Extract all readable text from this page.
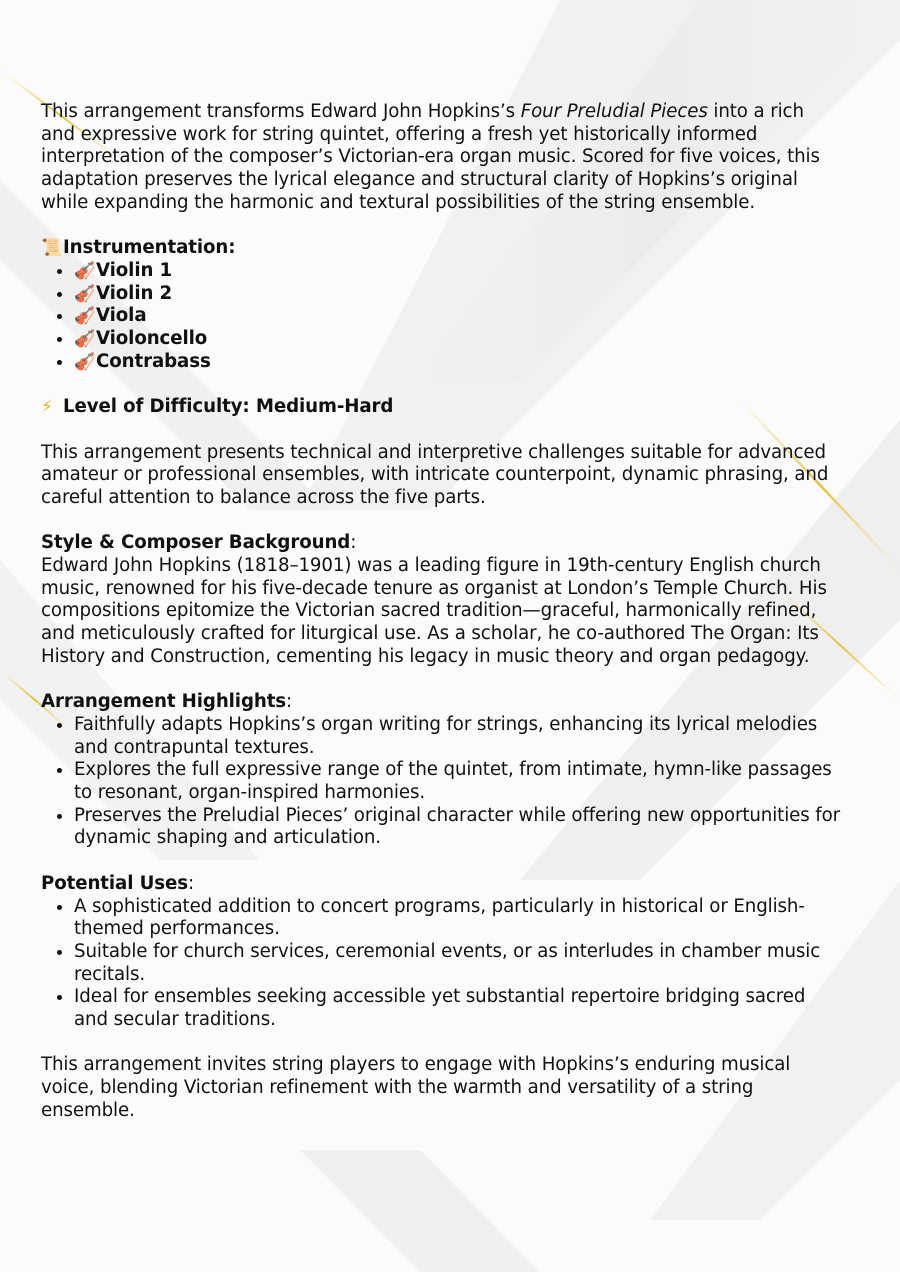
This arrangement transforms Edward John Hopkins’s Four Preludial Pieces into a rich and expressive work for string quintet, offering a fresh yet historically informed interpretation of the composer’s Victorian-era organ music. Scored for five voices, this adaptation preserves the lyrical elegance and structural clarity of Hopkins’s original while expanding the harmonic and textural possibilities of the string ensemble.

📜Instrumentation:

• 🎻Violin 1
• 🎻Violin 2
• 🎻Viola
• 🎻Violoncello
• 🎻Contrabass

⚡ Level of Difficulty: Medium-Hard

This arrangement presents technical and interpretive challenges suitable for advanced amateur or professional ensembles, with intricate counterpoint, dynamic phrasing, and careful attention to balance across the five parts.

Style & Composer Background:

Edward John Hopkins (1818–1901) was a leading figure in 19th-century English church music, renowned for his five-decade tenure as organist at London’s Temple Church. His compositions epitomize the Victorian sacred tradition—graceful, harmonically refined, and meticulously crafted for liturgical use. As a scholar, he co-authored The Organ: Its History and Construction, cementing his legacy in music theory and organ pedagogy.

Arrangement Highlights:

• Faithfully adapts Hopkins’s organ writing for strings, enhancing its lyrical melodies and contrapuntal textures.
• Explores the full expressive range of the quintet, from intimate, hymn-like passages to resonant, organ-inspired harmonies.
• Preserves the Preludial Pieces’ original character while offering new opportunities for dynamic shaping and articulation.

Potential Uses:

• A sophisticated addition to concert programs, particularly in historical or English-themed performances.
• Suitable for church services, ceremonial events, or as interludes in chamber music recitals.
• Ideal for ensembles seeking accessible yet substantial repertoire bridging sacred and secular traditions.

This arrangement invites string players to engage with Hopkins’s enduring musical voice, blending Victorian refinement with the warmth and versatility of a string ensemble.
